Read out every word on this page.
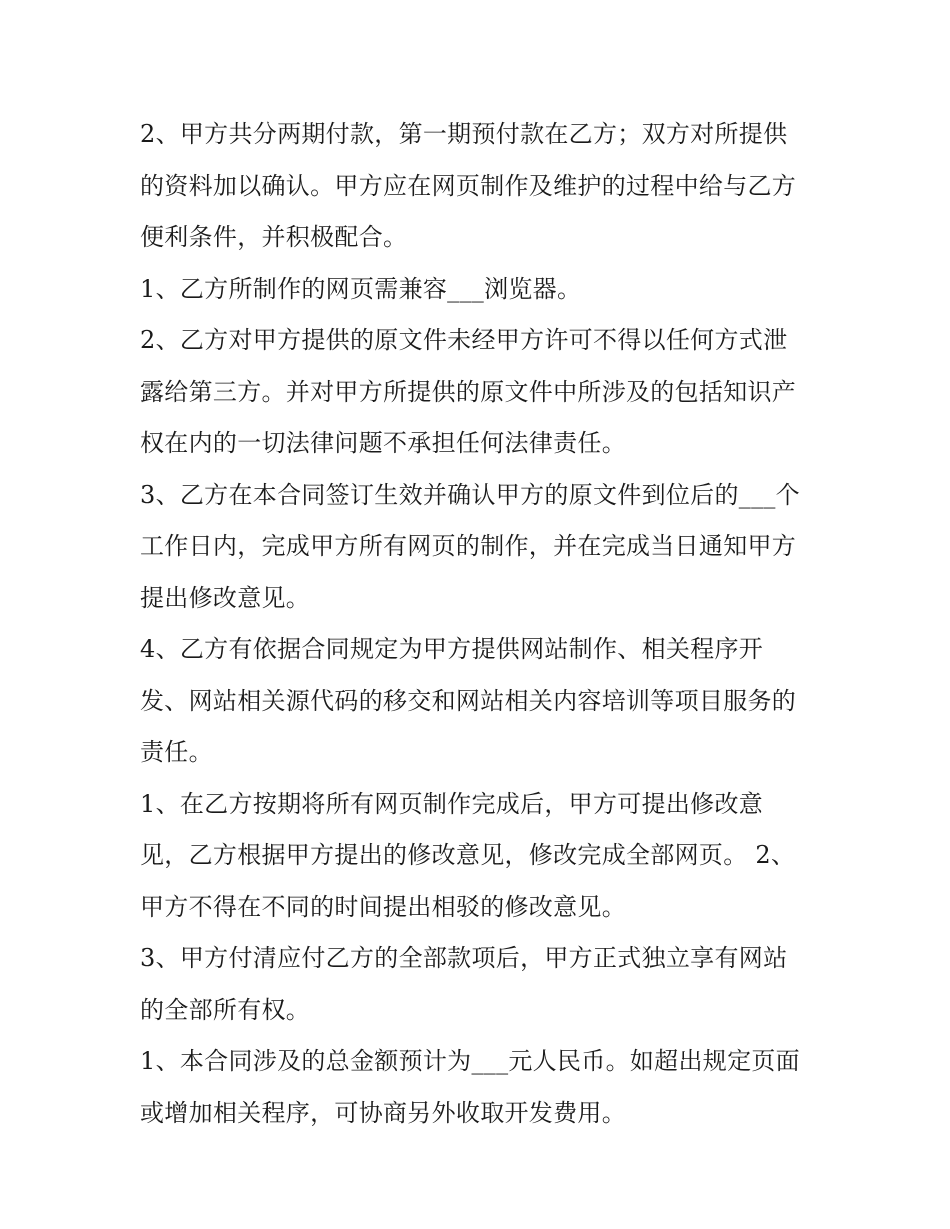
2、甲方共分两期付款，第一期预付款在乙方；双方对所提供
的资料加以确认。甲方应在网页制作及维护的过程中给与乙方
便利条件，并积极配合。
1、乙方所制作的网页需兼容___浏览器。
2、乙方对甲方提供的原文件未经甲方许可不得以任何方式泄
露给第三方。并对甲方所提供的原文件中所涉及的包括知识产
权在内的一切法律问题不承担任何法律责任。
3、乙方在本合同签订生效并确认甲方的原文件到位后的___个
工作日内，完成甲方所有网页的制作，并在完成当日通知甲方
提出修改意见。
4、乙方有依据合同规定为甲方提供网站制作、相关程序开
发、网站相关源代码的移交和网站相关内容培训等项目服务的
责任。
1、在乙方按期将所有网页制作完成后，甲方可提出修改意
见，乙方根据甲方提出的修改意见，修改完成全部网页。 2、
甲方不得在不同的时间提出相驳的修改意见。
3、甲方付清应付乙方的全部款项后，甲方正式独立享有网站
的全部所有权。
1、本合同涉及的总金额预计为___元人民币。如超出规定页面
或增加相关程序，可协商另外收取开发费用。
